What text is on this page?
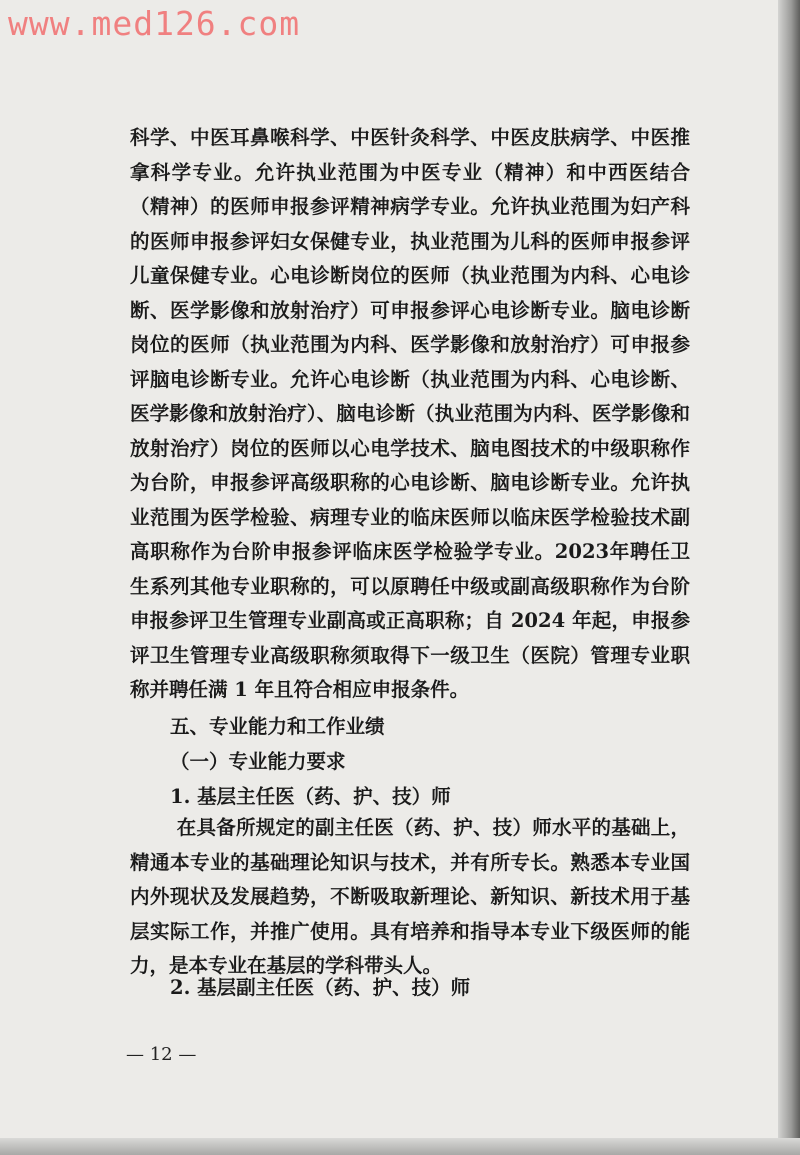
www.med126.com

科学、中医耳鼻喉科学、中医针灸科学、中医皮肤病学、中医推拿科学专业。允许执业范围为中医专业（精神）和中西医结合（精神）的医师申报参评精神病学专业。允许执业范围为妇产科的医师申报参评妇女保健专业，执业范围为儿科的医师申报参评儿童保健专业。心电诊断岗位的医师（执业范围为内科、心电诊断、医学影像和放射治疗）可申报参评心电诊断专业。脑电诊断岗位的医师（执业范围为内科、医学影像和放射治疗）可申报参评脑电诊断专业。允许心电诊断（执业范围为内科、心电诊断、医学影像和放射治疗）、脑电诊断（执业范围为内科、医学影像和放射治疗）岗位的医师以心电学技术、脑电图技术的中级职称作为台阶，申报参评高级职称的心电诊断、脑电诊断专业。允许执业范围为医学检验、病理专业的临床医师以临床医学检验技术副高职称作为台阶申报参评临床医学检验学专业。2023年聘任卫生系列其他专业职称的，可以原聘任中级或副高级职称作为台阶申报参评卫生管理专业副高或正高职称；自 2024 年起，申报参评卫生管理专业高级职称须取得下一级卫生（医院）管理专业职称并聘任满 1 年且符合相应申报条件。

五、专业能力和工作业绩
（一）专业能力要求
1. 基层主任医（药、护、技）师

在具备所规定的副主任医（药、护、技）师水平的基础上，精通本专业的基础理论知识与技术，并有所专长。熟悉本专业国内外现状及发展趋势，不断吸取新理论、新知识、新技术用于基层实际工作，并推广使用。具有培养和指导本专业下级医师的能力，是本专业在基层的学科带头人。

2. 基层副主任医（药、护、技）师
— 12 —
